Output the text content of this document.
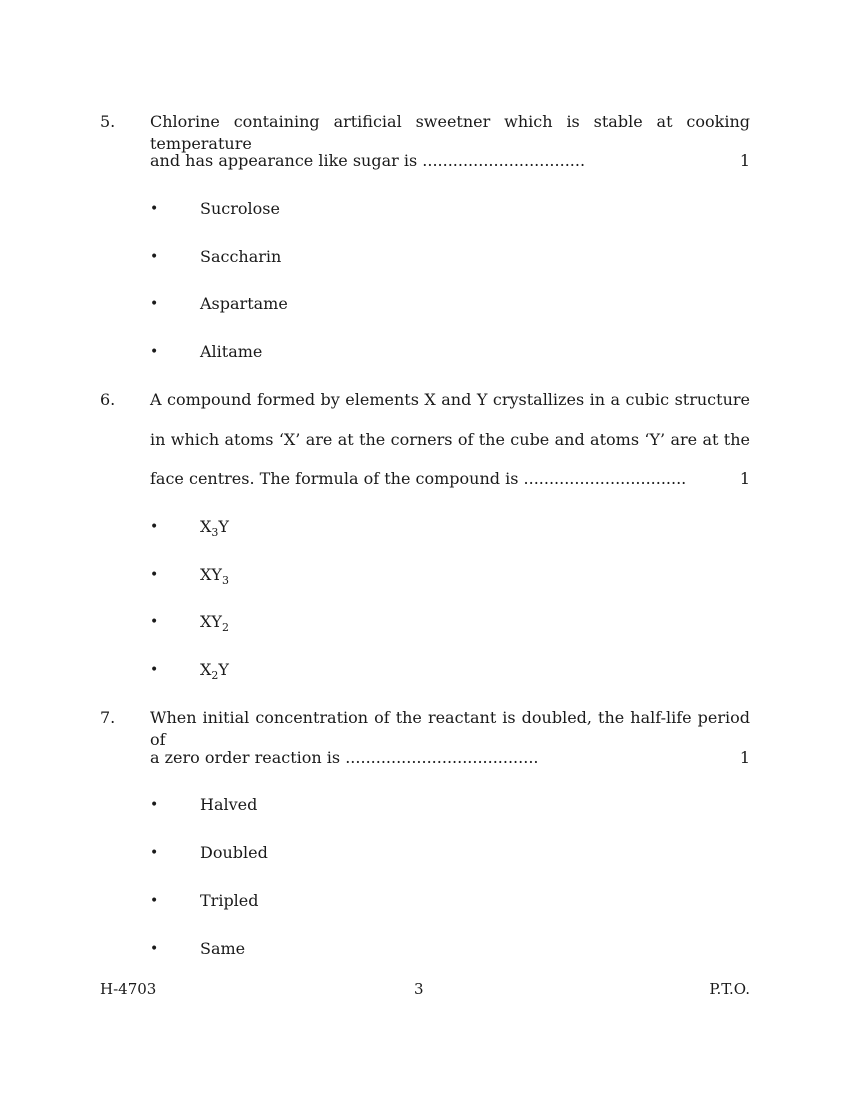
5. Chlorine containing artificial sweetner which is stable at cooking temperature
and has appearance like sugar is ................................	1
•	Sucrolose
•	Saccharin
•	Aspartame
•	Alitame
6. A compound formed by elements X and Y crystallizes in a cubic structure
in which atoms ‘X’ are at the corners of the cube and atoms ‘Y’ are at the
face centres. The formula of the compound is ................................	1
•	$X_3Y$
•	$XY_3$
•	$XY_2$
•	$X_2Y$
7. When initial concentration of the reactant is doubled, the half-life period of
a zero order reaction is ......................................	1
•	Halved
•	Doubled
•	Tripled
•	Same
H-4703	3	P.T.O.
